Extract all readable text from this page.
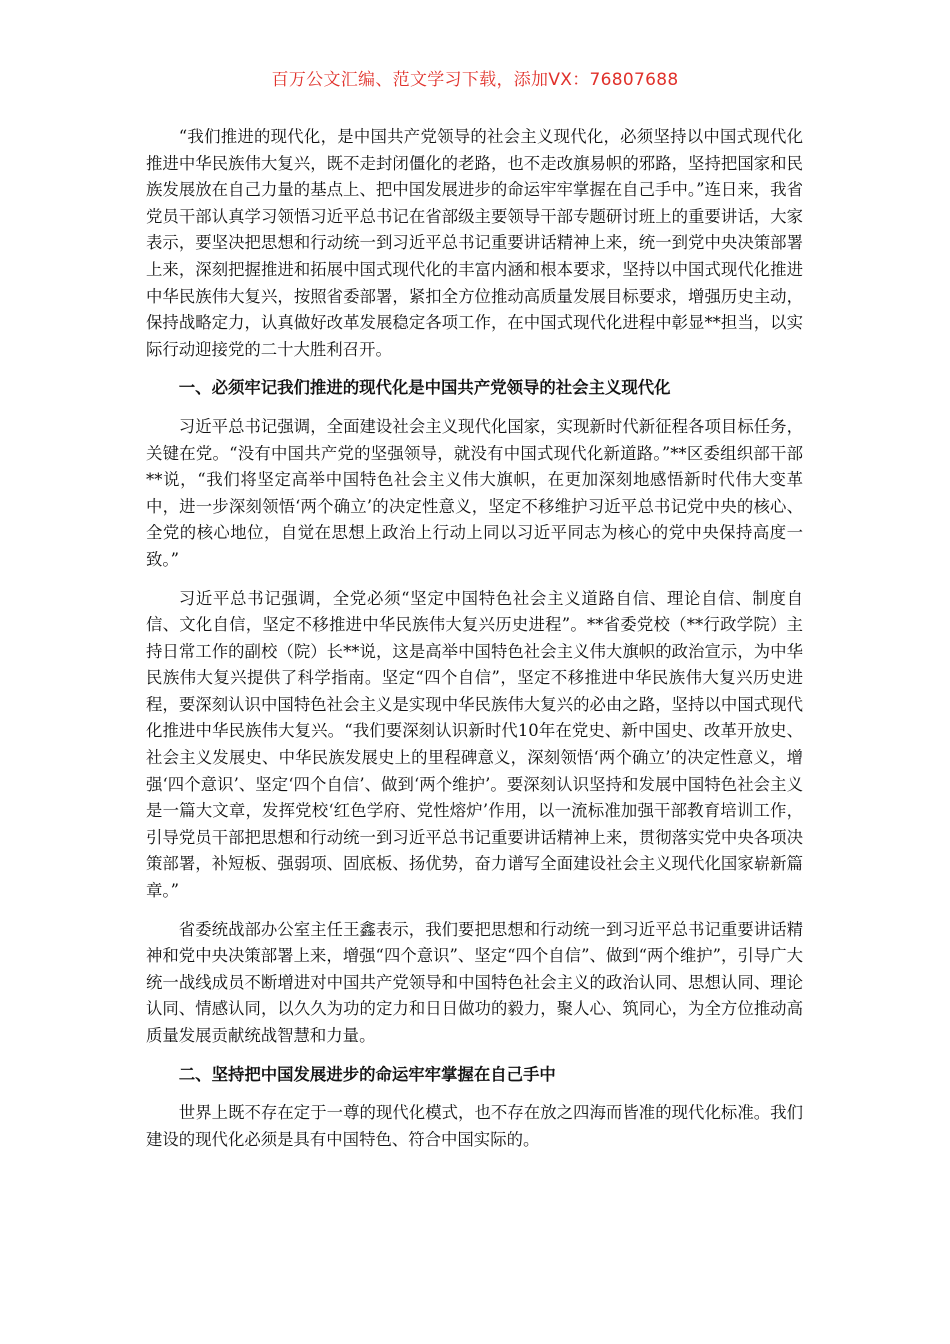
百万公文汇编、范文学习下载，添加VX：76807688

“我们推进的现代化，是中国共产党领导的社会主义现代化，必须坚持以中国式现代化推进中华民族伟大复兴，既不走封闭僵化的老路，也不走改旗易帜的邪路，坚持把国家和民族发展放在自己力量的基点上、把中国发展进步的命运牢牢掌握在自己手中。”连日来，我省党员干部认真学习领悟习近平总书记在省部级主要领导干部专题研讨班上的重要讲话，大家表示，要坚决把思想和行动统一到习近平总书记重要讲话精神上来，统一到党中央决策部署上来，深刻把握推进和拓展中国式现代化的丰富内涵和根本要求，坚持以中国式现代化推进中华民族伟大复兴，按照省委部署，紧扣全方位推动高质量发展目标要求，增强历史主动，保持战略定力，认真做好改革发展稳定各项工作，在中国式现代化进程中彰显**担当，以实际行动迎接党的二十大胜利召开。

一、必须牢记我们推进的现代化是中国共产党领导的社会主义现代化

习近平总书记强调，全面建设社会主义现代化国家，实现新时代新征程各项目标任务，关键在党。“没有中国共产党的坚强领导，就没有中国式现代化新道路。”**区委组织部干部**说，“我们将坚定高举中国特色社会主义伟大旗帜，在更加深刻地感悟新时代伟大变革中，进一步深刻领悟‘两个确立’的决定性意义，坚定不移维护习近平总书记党中央的核心、全党的核心地位，自觉在思想上政治上行动上同以习近平同志为核心的党中央保持高度一致。”

习近平总书记强调，全党必须“坚定中国特色社会主义道路自信、理论自信、制度自信、文化自信，坚定不移推进中华民族伟大复兴历史进程”。**省委党校（**行政学院）主持日常工作的副校（院）长**说，这是高举中国特色社会主义伟大旗帜的政治宣示，为中华民族伟大复兴提供了科学指南。坚定“四个自信”，坚定不移推进中华民族伟大复兴历史进程，要深刻认识中国特色社会主义是实现中华民族伟大复兴的必由之路，坚持以中国式现代化推进中华民族伟大复兴。“我们要深刻认识新时代10年在党史、新中国史、改革开放史、社会主义发展史、中华民族发展史上的里程碑意义，深刻领悟‘两个确立’的决定性意义，增强‘四个意识’、坚定‘四个自信’、做到‘两个维护’。要深刻认识坚持和发展中国特色社会主义是一篇大文章，发挥党校‘红色学府、党性熔炉’作用，以一流标准加强干部教育培训工作，引导党员干部把思想和行动统一到习近平总书记重要讲话精神上来，贯彻落实党中央各项决策部署，补短板、强弱项、固底板、扬优势，奋力谱写全面建设社会主义现代化国家崭新篇章。”

省委统战部办公室主任王鑫表示，我们要把思想和行动统一到习近平总书记重要讲话精神和党中央决策部署上来，增强“四个意识”、坚定“四个自信”、做到“两个维护”，引导广大统一战线成员不断增进对中国共产党领导和中国特色社会主义的政治认同、思想认同、理论认同、情感认同，以久久为功的定力和日日做功的毅力，聚人心、筑同心，为全方位推动高质量发展贡献统战智慧和力量。

二、坚持把中国发展进步的命运牢牢掌握在自己手中

世界上既不存在定于一尊的现代化模式，也不存在放之四海而皆准的现代化标准。我们建设的现代化必须是具有中国特色、符合中国实际的。
